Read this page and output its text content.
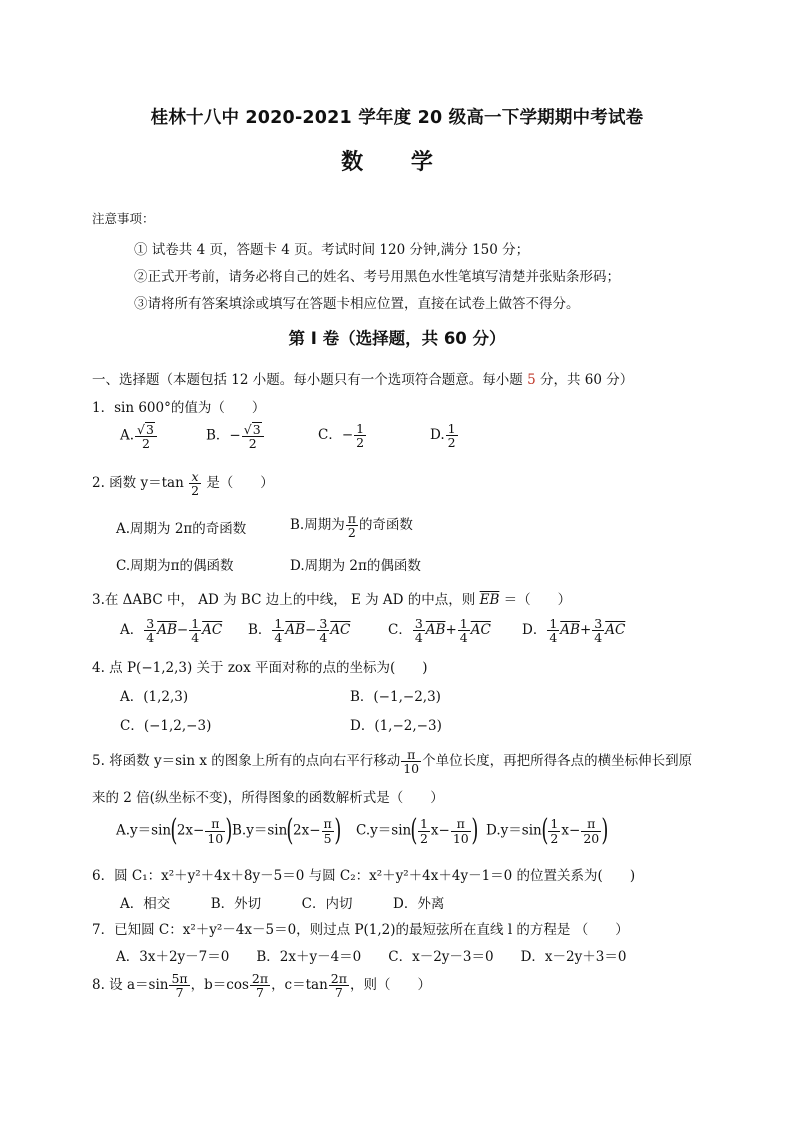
桂林十八中 2020-2021 学年度 20 级高一下学期期中考试卷
数 学
注意事项：
① 试卷共 4 页，答题卡 4 页。考试时间 120 分钟,满分 150 分；
②正式开考前，请务必将自己的姓名、考号用黑色水性笔填写清楚并张贴条形码；
③请将所有答案填涂或填写在答题卡相应位置，直接在试卷上做答不得分。
第 I 卷（选择题，共 60 分）
一、选择题（本题包括 12 小题。每小题只有一个选项符合题意。每小题 5 分，共 60 分）
1．sin 600°的值为（　　）
A. $\frac{√3}{2}$	B．− $\frac{√3}{2}$	C．− $\frac{1}{2}$	D. $\frac{1}{2}$
2. 函数 $y=\tan \frac{x}{2}$ 是（　　）
A.周期为 2π的奇函数	B.周期为 $\frac{\pi}{2}$ 的奇函数
C.周期为π的偶函数	D.周期为 2π的偶函数
3.在 ΔABC 中， AD 为 BC 边上的中线， E 为 AD 的中点，则 $\overline{EB}$ ＝（　　）
A． $\frac{3}{4} \overline{AB}- \frac{1}{4} \overline{AC}$ B． $\frac{1}{4} \overline{AB}- \frac{3}{4} \overline{AC}$	C． $\frac{3}{4} \overline{AB}+ \frac{1}{4} \overline{AC}$ D． $\frac{1}{4} \overline{AB}+ \frac{3}{4} \overline{AC}$
4. 点 P(−1,2,3) 关于 zox 平面对称的点的坐标为(　　)
A．(1,2,3)	B．(−1,−2,3)
C．(−1,2,−3)	D．(1,−2,−3)
5. 将函数 y＝sin x 的图象上所有的点向右平行移动 $\frac{\pi}{10}$ 个单位长度，再把所得各点的横坐标伸长到原
来的 2 倍(纵坐标不变)，所得图象的函数解析式是（　　）
$A.y=\sin(2x- \frac{\pi}{10}$ ) $B.y=\sin(2x- \frac{\pi}{5}$ ) $C.y=\sin( \frac{1}{2} x- \frac{\pi}{10}$ ) $D.y=\sin( \frac{1}{2} x- \frac{\pi}{20}$ )
6．圆 C₁：x²＋y²＋4x＋8y－5＝0 与圆 C₂：x²＋y²＋4x＋4y－1＝0 的位置关系为(　　)
A．相交　　　B．外切　　　C．内切　　　D．外离
7．已知圆 C：x²＋y²－4x－5＝0，则过点 P(1,2)的最短弦所在直线 l 的方程是 （　　）
A．3x＋2y－7＝0　　B．2x＋y－4＝0　　C．x－2y－3＝0　　D．x－2y＋3＝0
8. 设 $a=\sin \frac{5\pi}{7}$ ，$b=\cos \frac{2\pi}{7}$ ，$c=\tan \frac{2\pi}{7}$ ，则（　　）
